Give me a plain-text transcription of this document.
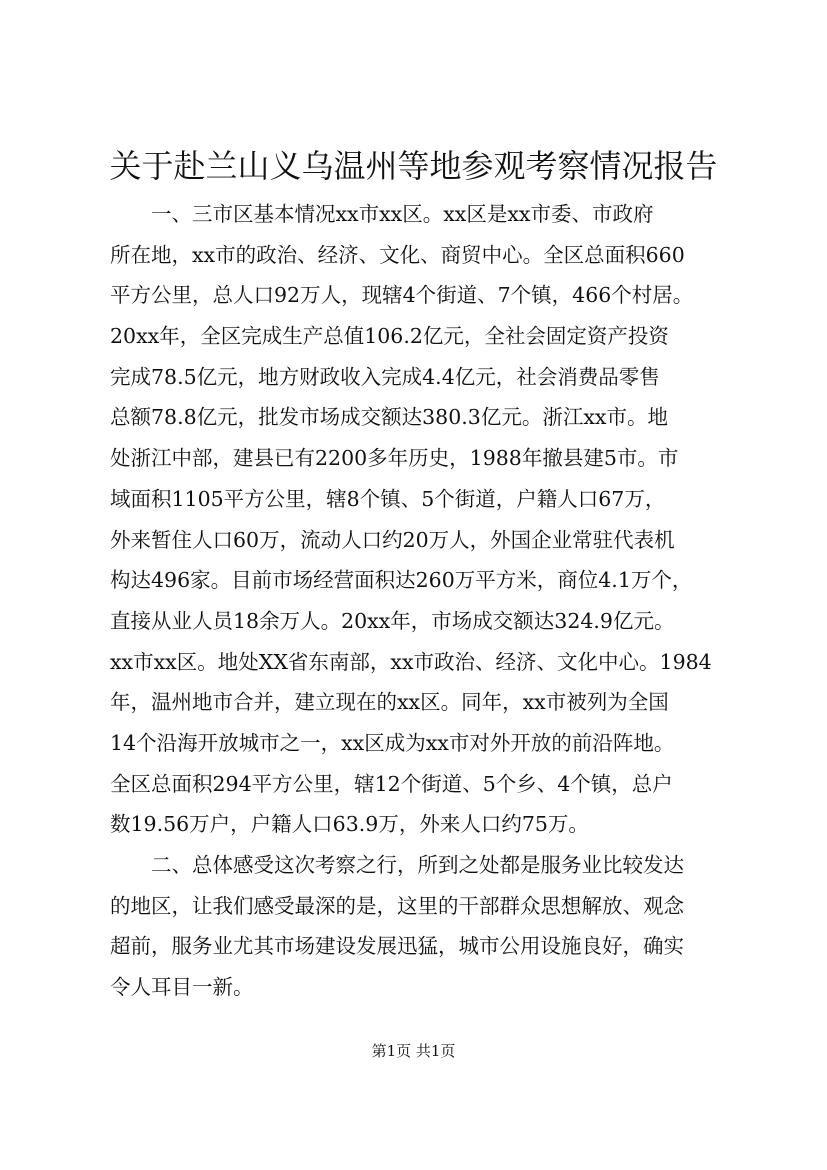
关于赴兰山义乌温州等地参观考察情况报告
一、三市区基本情况xx市xx区。xx区是xx市委、市政府
所在地，xx市的政治、经济、文化、商贸中心。全区总面积660
平方公里，总人口92万人，现辖4个街道、7个镇，466个村居。
20xx年，全区完成生产总值106.2亿元，全社会固定资产投资
完成78.5亿元，地方财政收入完成4.4亿元，社会消费品零售
总额78.8亿元，批发市场成交额达380.3亿元。浙江xx市。地
处浙江中部，建县已有2200多年历史，1988年撤县建5市。市
域面积1105平方公里，辖8个镇、5个街道，户籍人口67万，
外来暂住人口60万，流动人口约20万人，外国企业常驻代表机
构达496家。目前市场经营面积达260万平方米，商位4.1万个，
直接从业人员18余万人。20xx年，市场成交额达324.9亿元。
xx市xx区。地处XX省东南部，xx市政治、经济、文化中心。1984
年，温州地市合并，建立现在的xx区。同年，xx市被列为全国
14个沿海开放城市之一，xx区成为xx市对外开放的前沿阵地。
全区总面积294平方公里，辖12个街道、5个乡、4个镇，总户
数19.56万户，户籍人口63.9万，外来人口约75万。
二、总体感受这次考察之行，所到之处都是服务业比较发达
的地区，让我们感受最深的是，这里的干部群众思想解放、观念
超前，服务业尤其市场建设发展迅猛，城市公用设施良好，确实
令人耳目一新。
第1页 共1页
